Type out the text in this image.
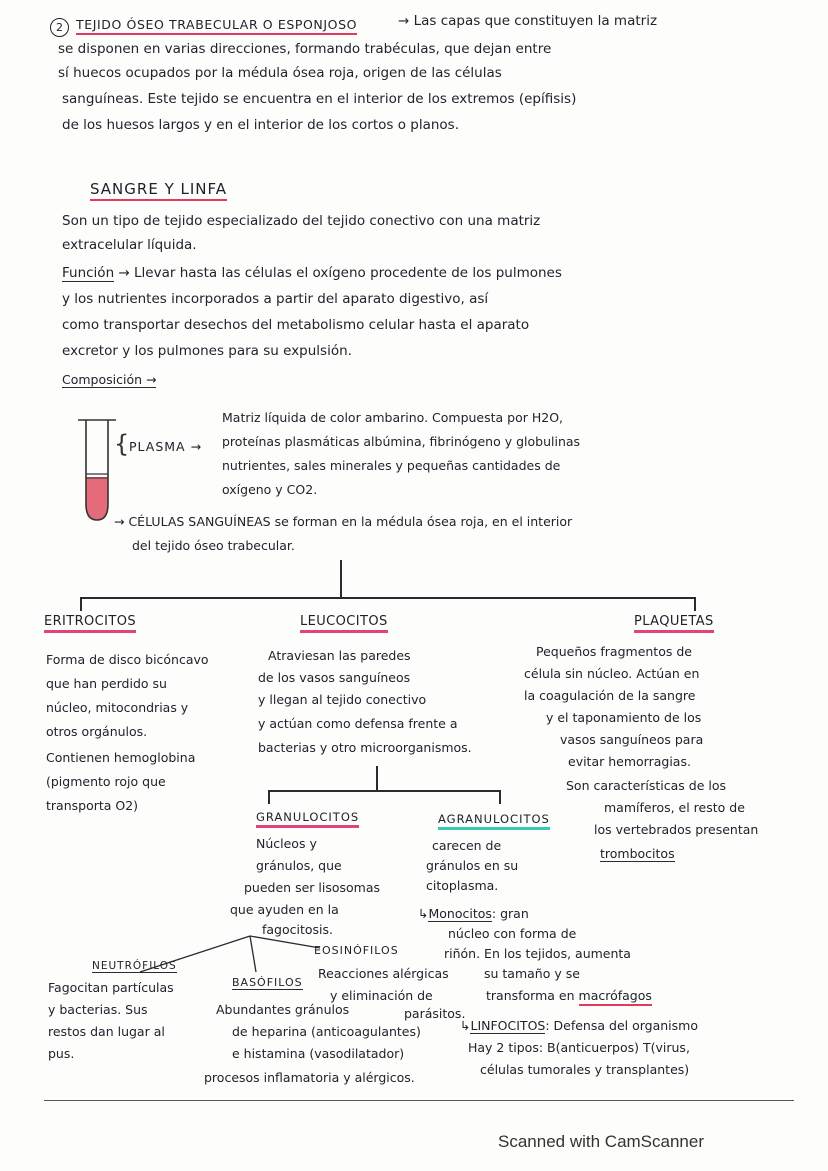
2	TEJIDO ÓSEO TRABECULAR O ESPONJOSO	→ Las capas que constituyen la matriz
se disponen en varias direcciones, formando trabéculas, que dejan entre
sí huecos ocupados por la médula ósea roja, origen de las células
sanguíneas. Este tejido se encuentra en el interior de los extremos (epífisis)
de los huesos largos y en el interior de los cortos o planos.
SANGRE Y LINFA
Son un tipo de tejido especializado del tejido conectivo con una matriz
extracelular líquida.
Función → Llevar hasta las células el oxígeno procedente de los pulmones
y los nutrientes incorporados a partir del aparato digestivo, así
como transportar desechos del metabolismo celular hasta el aparato
excretor y los pulmones para su expulsión.
Composición →
{ PLASMA →
Matriz líquida de color ambarino. Compuesta por H2O,
proteínas plasmáticas albúmina, fibrinógeno y globulinas
nutrientes, sales minerales y pequeñas cantidades de
oxígeno y CO2.
→ CÉLULAS SANGUÍNEAS se forman en la médula ósea roja, en el interior
del tejido óseo trabecular.
ERITROCITOS
Forma de disco bicóncavo
que han perdido su
núcleo, mitocondrias y
otros orgánulos.
Contienen hemoglobina
(pigmento rojo que
transporta O2)
LEUCOCITOS
Atraviesan las paredes
de los vasos sanguíneos
y llegan al tejido conectivo
y actúan como defensa frente a
bacterias y otro microorganismos.
PLAQUETAS
Pequeños fragmentos de
célula sin núcleo. Actúan en
la coagulación de la sangre
y el taponamiento de los
vasos sanguíneos para
evitar hemorragias.
Son características de los
mamíferos, el resto de
los vertebrados presentan
trombocitos
GRANULOCITOS
Núcleos y
gránulos, que
pueden ser lisosomas
que ayuden en la
fagocitosis.
AGRANULOCITOS
carecen de
gránulos en su
citoplasma.
↳Monocitos: gran
núcleo con forma de
riñón. En los tejidos, aumenta
su tamaño y se
transforma en macrófagos
↳LINFOCITOS: Defensa del organismo
Hay 2 tipos: B(anticuerpos) T(virus,
células tumorales y transplantes)
NEUTRÓFILOS
Fagocitan partículas
y bacterias. Sus
restos dan lugar al
pus.
BASÓFILOS
Abundantes gránulos
de heparina (anticoagulantes)
e histamina (vasodilatador)
procesos inflamatoria y alérgicos.
EOSINÓFILOS
Reacciones alérgicas
y eliminación de
parásitos.
Scanned with CamScanner
